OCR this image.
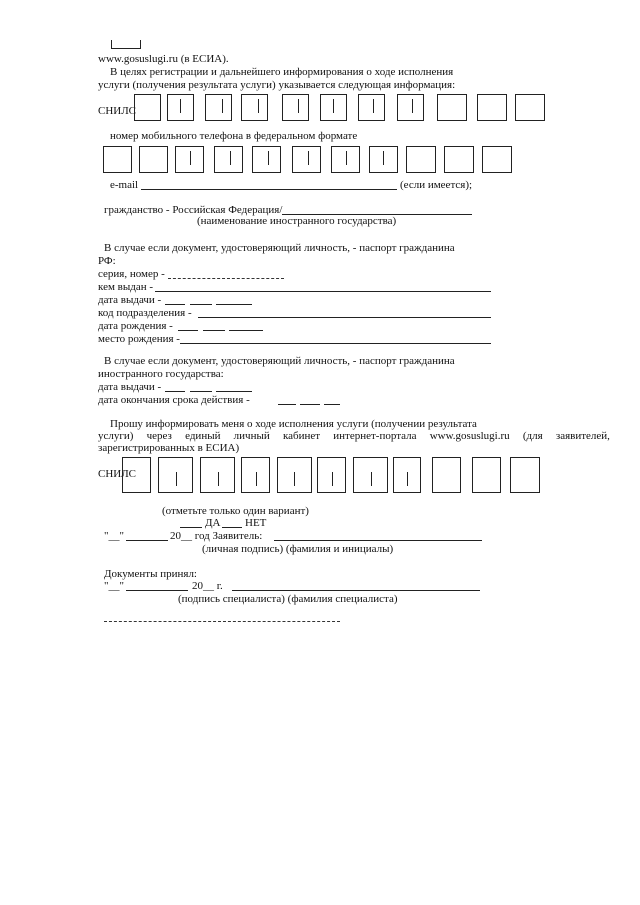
www.gosuslugi.ru (в ЕСИА).
В целях регистрации и дальнейшего информирования о ходе исполнения
услуги (получения результата услуги) указывается следующая информация:
СНИЛС
номер мобильного телефона в федеральном формате
e-mail	(если имеется);
гражданство - Российская Федерация/
(наименование иностранного государства)
В случае если документ, удостоверяющий личность, - паспорт гражданина
РФ:
серия, номер -
кем выдан -
дата выдачи -
код подразделения -
дата рождения -
место рождения -
В случае если документ, удостоверяющий личность, - паспорт гражданина
иностранного государства:
дата выдачи -
дата окончания срока действия -
Прошу информировать меня о ходе исполнения услуги (получении результата
услуги) через единый личный кабинет интернет-портала www.gosuslugi.ru (для заявителей,
зарегистрированных в ЕСИА)
СНИЛС
(отметьте только один вариант)
ДА НЕТ
"__"	20__ год Заявитель:
(личная подпись) (фамилия и инициалы)
Документы принял:
"__"	20__ г.
(подпись специалиста) (фамилия специалиста)
